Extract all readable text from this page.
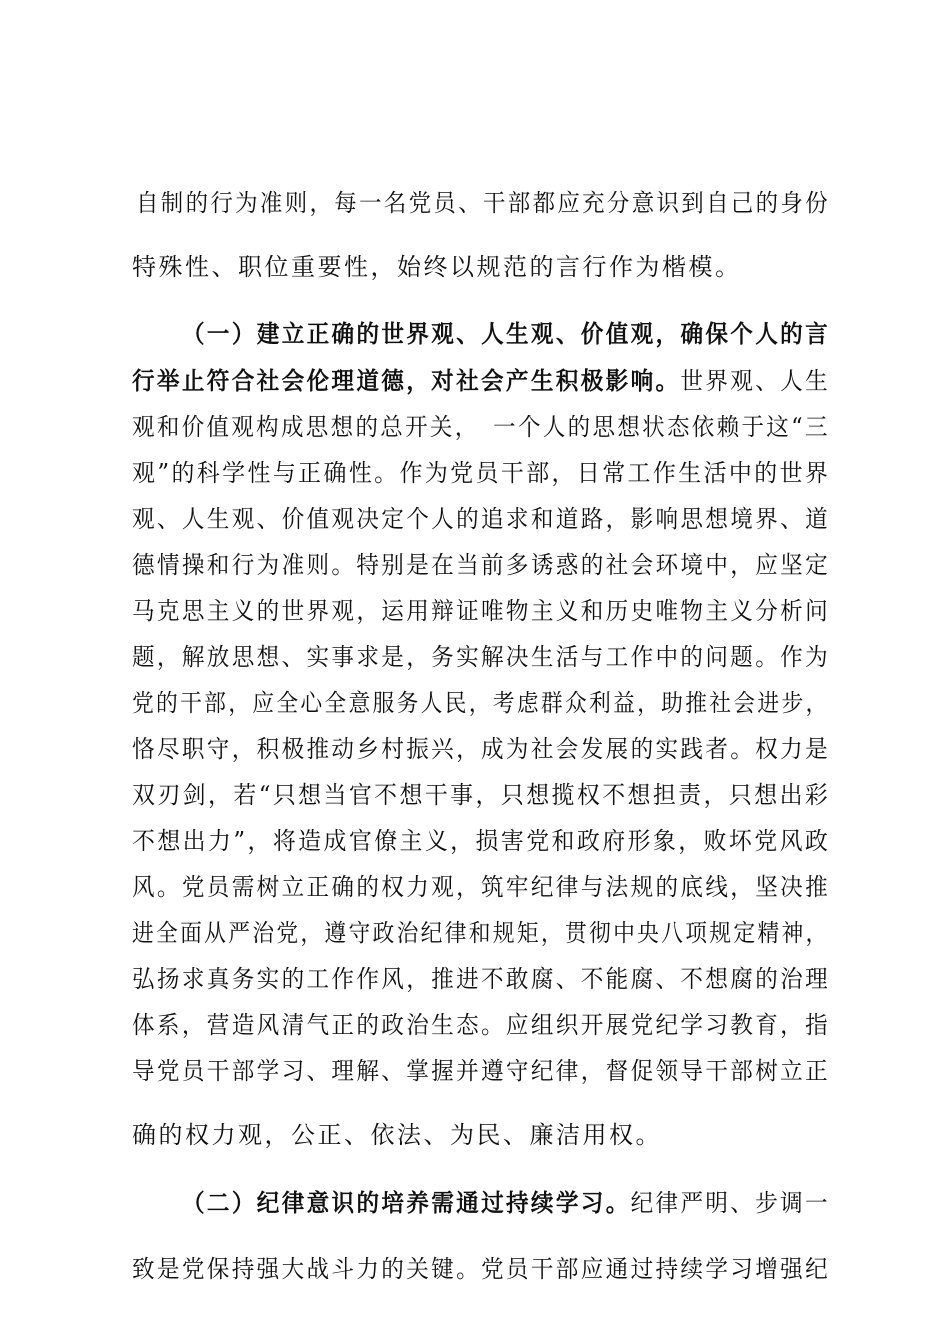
自制的行为准则，每一名党员、干部都应充分意识到自己的身份
特殊性、职位重要性，始终以规范的言行作为楷模。
（一）建立正确的世界观、人生观、价值观，确保个人的言
行举止符合社会伦理道德，对社会产生积极影响。世界观、人生
观和价值观构成思想的总开关，　一个人的思想状态依赖于这“三
观”的科学性与正确性。作为党员干部，日常工作生活中的世界
观、人生观、价值观决定个人的追求和道路，影响思想境界、道
德情操和行为准则。特别是在当前多诱惑的社会环境中，应坚定
马克思主义的世界观，运用辩证唯物主义和历史唯物主义分析问
题，解放思想、实事求是，务实解决生活与工作中的问题。作为
党的干部，应全心全意服务人民，考虑群众利益，助推社会进步，
恪尽职守，积极推动乡村振兴，成为社会发展的实践者。权力是
双刃剑，若“只想当官不想干事，只想揽权不想担责，只想出彩
不想出力”，将造成官僚主义，损害党和政府形象，败坏党风政
风。党员需树立正确的权力观，筑牢纪律与法规的底线，坚决推
进全面从严治党，遵守政治纪律和规矩，贯彻中央八项规定精神，
弘扬求真务实的工作作风，推进不敢腐、不能腐、不想腐的治理
体系，营造风清气正的政治生态。应组织开展党纪学习教育，指
导党员干部学习、理解、掌握并遵守纪律，督促领导干部树立正
确的权力观，公正、依法、为民、廉洁用权。
（二）纪律意识的培养需通过持续学习。纪律严明、步调一
致是党保持强大战斗力的关键。党员干部应通过持续学习增强纪
